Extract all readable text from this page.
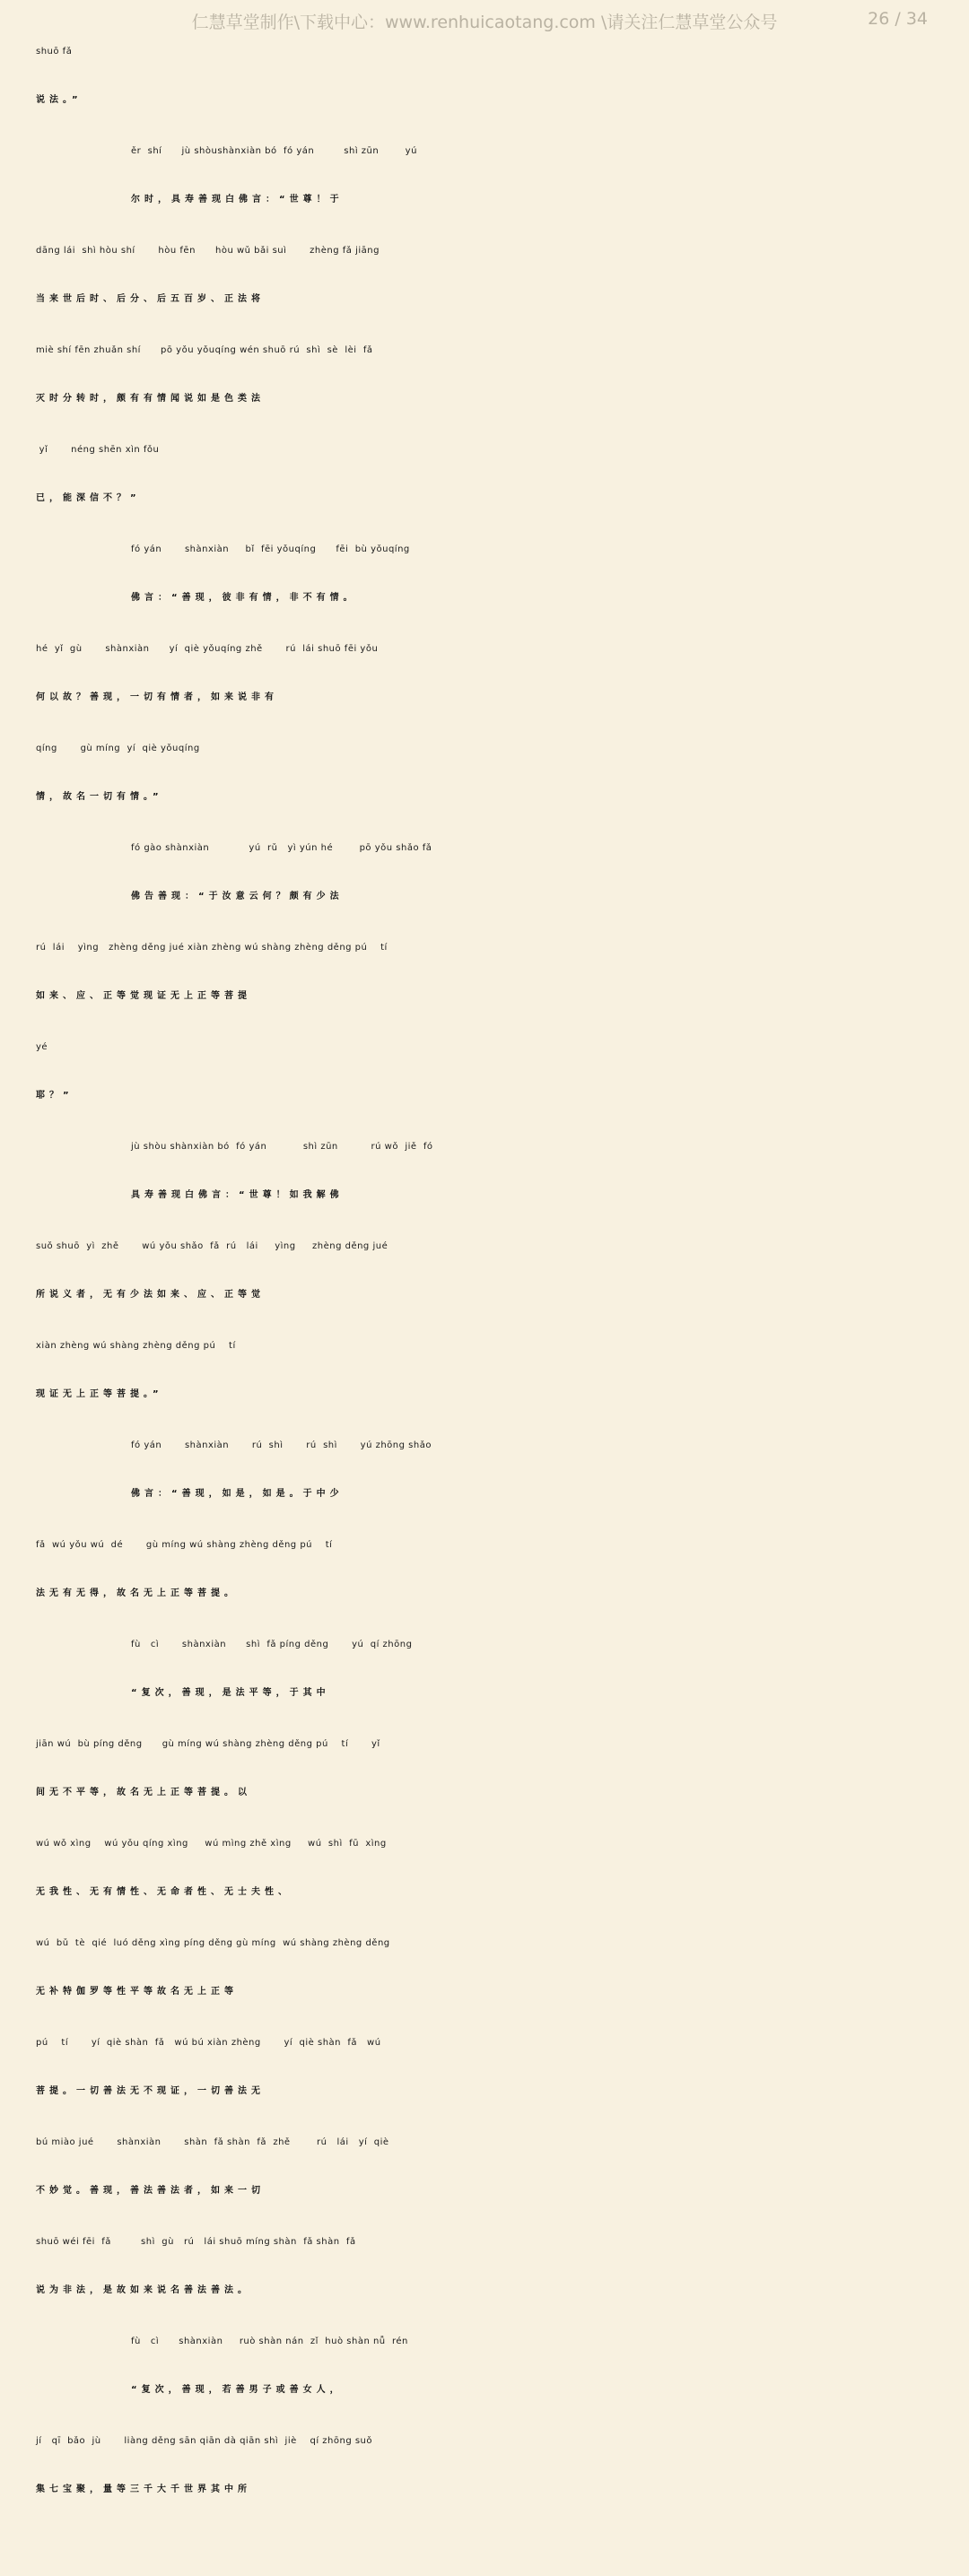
仁慧草堂制作\下载中心：www.renhuicaotang.com \请关注仁慧草堂公众号	26 / 34
shuō fǎ
说法。”
ěr  shí      jù shòushànxiàn bó  fó yán         shì zūn        yú
尔时，具寿善现白佛言：“世尊！于
dāng lái  shì hòu shí       hòu fēn      hòu wǔ bǎi suì       zhèng fǎ jiāng
当来世后时、后分、后五百岁、正法将
miè shí fēn zhuǎn shí      pō yǒu yǒuqíng wén shuō rú  shì  sè  lèi  fǎ
灭时分转时，颇有有情闻说如是色类法
yǐ       néng shēn xìn fǒu
已，能深信不？”
fó yán       shànxiàn     bǐ  fēi yǒuqíng      fēi  bù yǒuqíng
佛言：“善现，彼非有情，非不有情。
hé  yǐ  gù       shànxiàn      yí  qiè yǒuqíng zhě       rú  lái shuō fēi yǒu
何以故？善现，一切有情者，如来说非有
qíng       gù míng  yí  qiè yǒuqíng
情，故名一切有情。”
fó gào shànxiàn            yú  rǔ   yì yún hé        pō yǒu shǎo fǎ
佛告善现：“于汝意云何？颇有少法
rú  lái    yìng   zhèng děng jué xiàn zhèng wú shàng zhèng děng pú    tí
如来、应、正等觉现证无上正等菩提
yé
耶？”
jù shòu shànxiàn bó  fó yán           shì zūn          rú wǒ  jiě  fó
具寿善现白佛言：“世尊！如我解佛
suǒ shuō  yì  zhě       wú yǒu shǎo  fǎ  rú   lái     yìng     zhèng děng jué
所说义者，无有少法如来、应、正等觉
xiàn zhèng wú shàng zhèng děng pú    tí
现证无上正等菩提。”
fó yán       shànxiàn       rú  shì       rú  shì       yú zhōng shǎo
佛言：“善现，如是，如是。于中少
fǎ  wú yǒu wú  dé       gù míng wú shàng zhèng děng pú    tí
法无有无得，故名无上正等菩提。
fù   cì       shànxiàn      shì  fǎ píng děng       yú  qí zhōng
“复次，善现，是法平等，于其中
jiān wú  bù píng děng      gù míng wú shàng zhèng děng pú    tí       yǐ
间无不平等，故名无上正等菩提。以
wú wǒ xìng    wú yǒu qíng xìng     wú mìng zhě xìng     wú  shì  fū  xìng
无我性、无有情性、无命者性、无士夫性、
wú  bǔ  tè  qié  luó děng xìng píng děng gù míng  wú shàng zhèng děng
无补特伽罗等性平等故名无上正等
pú    tí       yí  qiè shàn  fǎ   wú bú xiàn zhèng       yí  qiè shàn  fǎ   wú
菩提。一切善法无不现证，一切善法无
bú miào jué       shànxiàn       shàn  fǎ shàn  fǎ  zhě        rú   lái   yí  qiè
不妙觉。善现，善法善法者，如来一切
shuō wéi fēi  fǎ         shì  gù   rú   lái shuō míng shàn  fǎ shàn  fǎ
说为非法，是故如来说名善法善法。
fù   cì      shànxiàn     ruò shàn nán  zǐ  huò shàn nǚ  rén
“复次，善现，若善男子或善女人，
jí   qī  bǎo  jù       liàng děng sān qiān dà qiān shì  jiè    qí zhōng suǒ
集七宝聚，量等三千大千世界其中所
